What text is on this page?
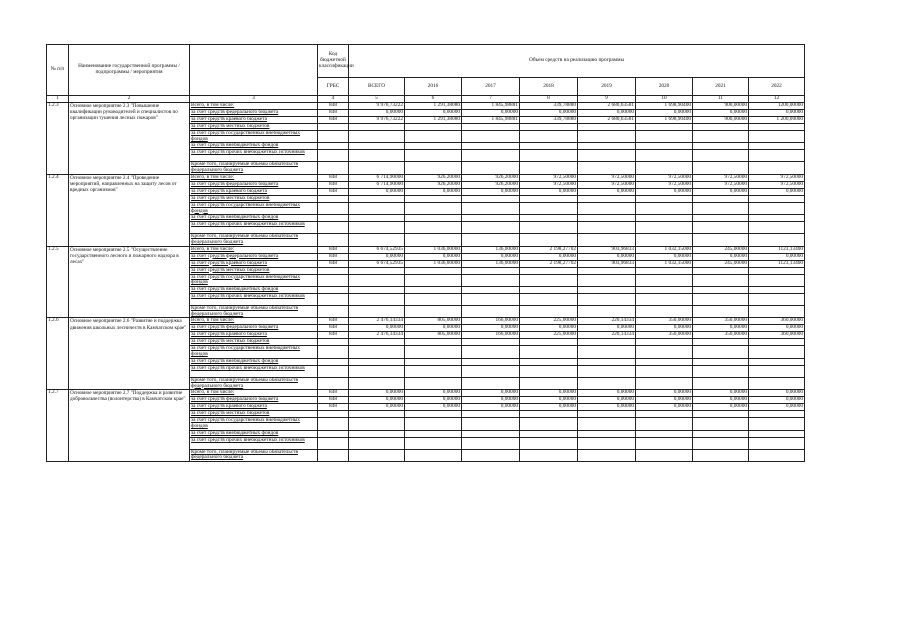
№ п/п	Наименование государственной программы / подпрограммы / мероприятия		Код бюджетной классификации	Объем средств на реализацию программы							
			ГРБС	ВСЕГО	2016	2017	2018	2019	2020	2021	2022
1	2	3	4	5	6	7	8	9	10	11	12
1.2.3	Основное мероприятие 2.3 "Повышение квалификации руководителей и специалистов по организации тушения лесных пожаров"	Всего, в том числе:	848	9 976,73222	1 291,38080	1 845,98881	339,78880	2 680,63581	1 698,90400	900,00000	1200,00000
		за счет средств федерального бюджета	848	0,00000	0,00000	0,00000	0,00000	0,00000	0,00000	0,00000	0,00000
		за счет средств краевого бюджета	848	9 976,73222	1 291,38080	1 845,98881	339,78880	2 680,63581	1 698,90400	900,00000	1 200,00000
		за счет средств местных бюджетов									
		за счет средств государственных внебюджетных фондов									
		за счет средств внебюджетных фондов									
		за счет средств прочих внебюджетных источников									
		Кроме того, планируемые объемы обязательств федерального бюджета									
1.2.4	Основное мероприятие 2.4 "Проведение мероприятий, направленных на защиту лесов от вредных организмов"	Всего, в том числе:	848	6 714,90000	926,20000	926,20000	972,50000	972,50000	972,50000	972,50000	972,50000
		за счет средств федерального бюджета	848	6 714,90000	926,20000	926,20000	972,50000	972,50000	972,50000	972,50000	972,50000
		за счет средств краевого бюджета	848	0,00000	0,00000	0,00000	0,00000	0,00000	0,00000	0,00000	0,00000
		за счет средств местных бюджетов									
		за счет средств государственных внебюджетных фондов									
		за счет средств внебюджетных фондов									
		за счет средств прочих внебюджетных источников									
		Кроме того, планируемые объемы обязательств федерального бюджета									
1.2.5	Основное мероприятие 2.5 "Осуществление государственного лесного и пожарного надзора в лесах"	Всего, в том числе:	848	6 674,52935	1 036,00000	136,00000	2 198,27702	903,96833	1 032,15000	245,00000	1123,13400
		за счет средств федерального бюджета	848	0,00000	0,00000	0,00000	0,00000	0,00000	0,00000	0,00000	0,00000
		за счет средств краевого бюджета	848	6 674,52935	1 036,00000	136,00000	2 198,27702	903,96833	1 032,15000	245,00000	1123,13400
		за счет средств местных бюджетов									
		за счет средств государственных внебюджетных фондов									
		за счет средств внебюджетных фондов									
		за счет средств прочих внебюджетных источников									
		Кроме того, планируемые объемы обязательств федерального бюджета									
1.2.6	Основное мероприятие 2.6 "Развитие и поддержка движения школьных лесничеств в Камчатском крае"	Всего, в том числе:	848	2 476,14334	805,00000	166,00000	225,00000	220,14334	350,00000	350,00000	360,00000
		за счет средств федерального бюджета	848	0,00000	0,00000	0,00000	0,00000	0,00000	0,00000	0,00000	0,00000
		за счет средств краевого бюджета	848	2 476,14334	805,00000	166,00000	225,00000	220,14334	350,00000	350,00000	360,00000
		за счет средств местных бюджетов									
		за счет средств государственных внебюджетных фондов									
		за счет средств внебюджетных фондов									
		за счет средств прочих внебюджетных источников									
		Кроме того, планируемые объемы обязательств федерального бюджета									
1.2.7	Основное мероприятие 2.7 "Поддержка и развитие добровольчества (волонтерства) в Камчатском крае"	Всего, в том числе:	848	0,00000	0,00000	0,00000	0,00000	0,00000	0,00000	0,00000	0,00000
		за счет средств федерального бюджета	848	0,00000	0,00000	0,00000	0,00000	0,00000	0,00000	0,00000	0,00000
		за счет средств краевого бюджета	848	0,00000	0,00000	0,00000	0,00000	0,00000	0,00000	0,00000	0,00000
		за счет средств местных бюджетов									
		за счет средств государственных внебюджетных фондов									
		за счет средств внебюджетных фондов									
		за счет средств прочих внебюджетных источников									
		Кроме того, планируемые объемы обязательств федерального бюджета									
